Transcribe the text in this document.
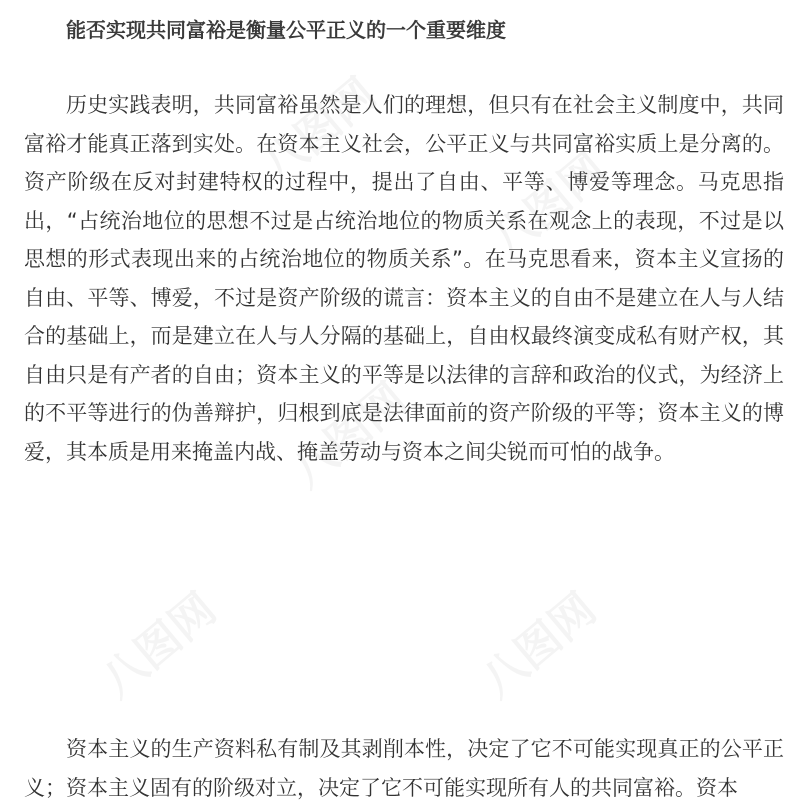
能否实现共同富裕是衡量公平正义的一个重要维度

历史实践表明，共同富裕虽然是人们的理想，但只有在社会主义制度中，共同富裕才能真正落到实处。在资本主义社会，公平正义与共同富裕实质上是分离的。资产阶级在反对封建特权的过程中，提出了自由、平等、博爱等理念。马克思指出，“占统治地位的思想不过是占统治地位的物质关系在观念上的表现，不过是以思想的形式表现出来的占统治地位的物质关系”。在马克思看来，资本主义宣扬的自由、平等、博爱，不过是资产阶级的谎言：资本主义的自由不是建立在人与人结合的基础上，而是建立在人与人分隔的基础上，自由权最终演变成私有财产权，其自由只是有产者的自由；资本主义的平等是以法律的言辞和政治的仪式，为经济上的不平等进行的伪善辩护，归根到底是法律面前的资产阶级的平等；资本主义的博爱，其本质是用来掩盖内战、掩盖劳动与资本之间尖锐而可怕的战争。

资本主义的生产资料私有制及其剥削本性，决定了它不可能实现真正的公平正义；资本主义固有的阶级对立，决定了它不可能实现所有人的共同富裕。资本

八图网
八图网
八图网
八图网	八图网
